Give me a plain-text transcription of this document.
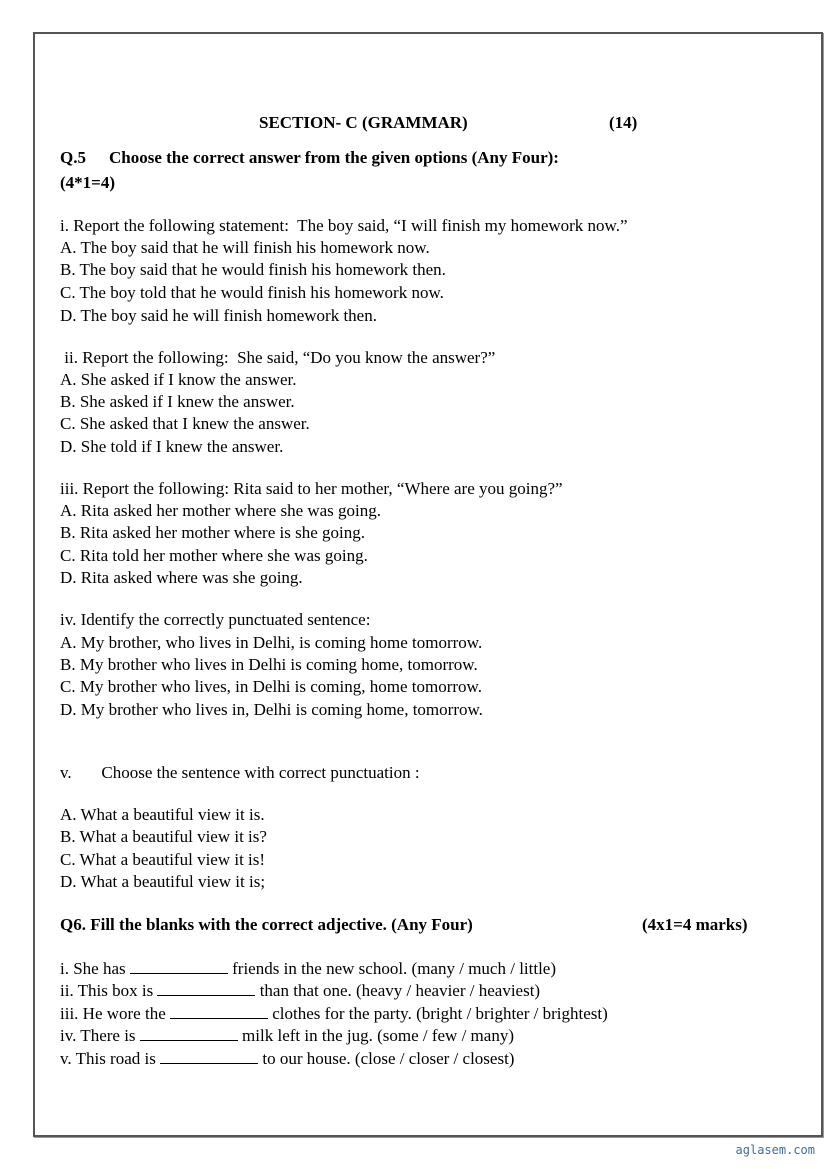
SECTION- C (GRAMMAR)	(14)
Q.5 Choose the correct answer from the given options (Any Four):
(4*1=4)
i. Report the following statement:  The boy said, “I will finish my homework now.”
A. The boy said that he will finish his homework now.
B. The boy said that he would finish his homework then.
C. The boy told that he would finish his homework now.
D. The boy said he will finish homework then.
ii. Report the following:  She said, “Do you know the answer?”
A. She asked if I know the answer.
B. She asked if I knew the answer.
C. She asked that I knew the answer.
D. She told if I knew the answer.
iii. Report the following: Rita said to her mother, “Where are you going?”
A. Rita asked her mother where she was going.
B. Rita asked her mother where is she going.
C. Rita told her mother where she was going.
D. Rita asked where was she going.
iv. Identify the correctly punctuated sentence:
A. My brother, who lives in Delhi, is coming home tomorrow.
B. My brother who lives in Delhi is coming home, tomorrow.
C. My brother who lives, in Delhi is coming, home tomorrow.
D. My brother who lives in, Delhi is coming home, tomorrow.
v.       Choose the sentence with correct punctuation :
A. What a beautiful view it is.
B. What a beautiful view it is?
C. What a beautiful view it is!
D. What a beautiful view it is;
Q6. Fill the blanks with the correct adjective. (Any Four)	(4x1=4 marks)
i. She has	friends in the new school. (many / much / little)
ii. This box is	than that one. (heavy / heavier / heaviest)
iii. He wore the	clothes for the party. (bright / brighter / brightest)
iv. There is	milk left in the jug. (some / few / many)
v. This road is	to our house. (close / closer / closest)
aglasem.com
